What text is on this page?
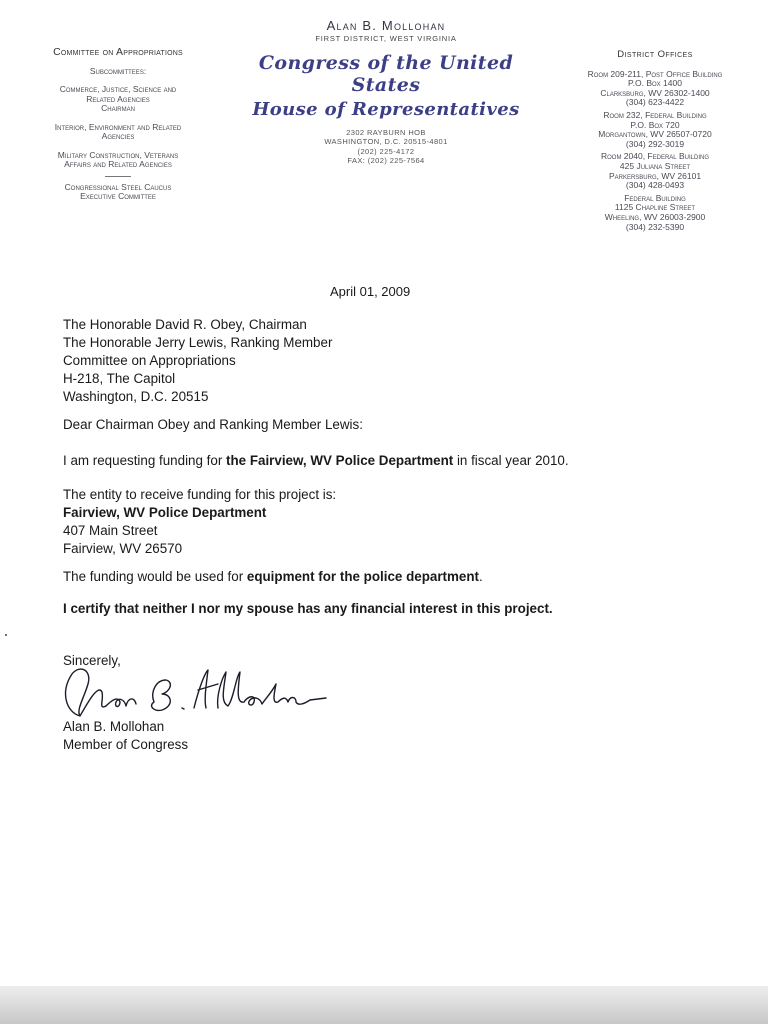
Committee on Appropriations
Subcommittees:
Commerce, Justice, Science and
Related Agencies
Chairman
Interior, Environment and Related
Agencies
Military Construction, Veterans
Affairs and Related Agencies
Congressional Steel Caucus
Executive Committee
Alan B. Mollohan
FIRST DISTRICT, WEST VIRGINIA
Congress of the United States
House of Representatives
2302 RAYBURN HOB
WASHINGTON, D.C. 20515-4801
(202) 225-4172
FAX: (202) 225-7564
District Offices
Room 209-211, Post Office Building
P.O. Box 1400
Clarksburg, WV 26302-1400
(304) 623-4422
Room 232, Federal Building
P.O. Box 720
Morgantown, WV 26507-0720
(304) 292-3019
Room 2040, Federal Building
425 Juliana Street
Parkersburg, WV 26101
(304) 428-0493
Federal Building
1125 Chapline Street
Wheeling, WV 26003-2900
(304) 232-5390
April 01, 2009
The Honorable David R. Obey, Chairman
The Honorable Jerry Lewis, Ranking Member
Committee on Appropriations
H-218, The Capitol
Washington, D.C. 20515
Dear Chairman Obey and Ranking Member Lewis:
I am requesting funding for the Fairview, WV Police Department in fiscal year 2010.
The entity to receive funding for this project is:
Fairview, WV Police Department
407 Main Street
Fairview, WV 26570
The funding would be used for equipment for the police department.
I certify that neither I nor my spouse has any financial interest in this project.
Sincerely,
Alan B. Mollohan
Member of Congress
